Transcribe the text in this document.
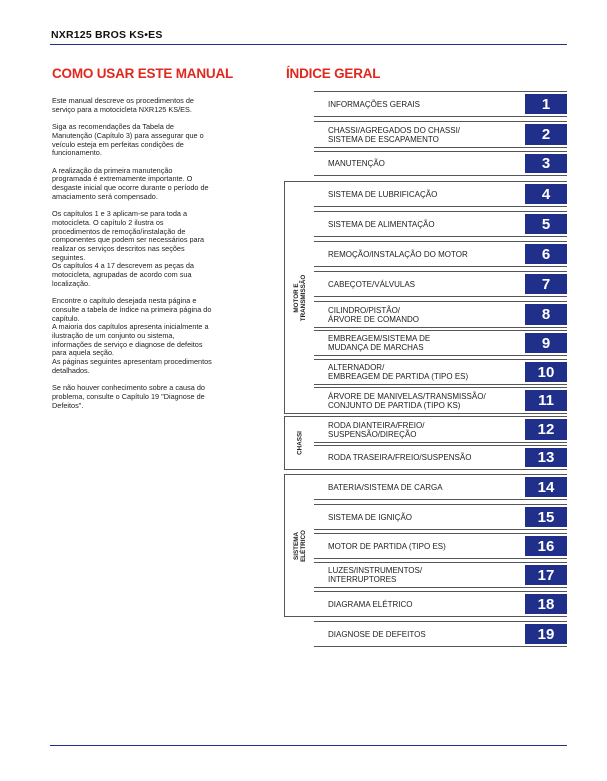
NXR125 BROS KS•ES
COMO USAR ESTE MANUAL

Este manual descreve os procedimentos de
serviço para a motocicleta NXR125 KS/ES.

Siga as recomendações da Tabela de
Manutenção (Capítulo 3) para assegurar que o
veículo esteja em perfeitas condições de
funcionamento.

A realização da primeira manutenção
programada é extremamente importante. O
desgaste inicial que ocorre durante o período de
amaciamento será compensado.

Os capítulos 1 e 3 aplicam-se para toda a
motocicleta. O capítulo 2 ilustra os
procedimentos de remoção/instalação de
componentes que podem ser necessários para
realizar os serviços descritos nas seções
seguintes.
Os capítulos 4 a 17 descrevem as peças da
motocicleta, agrupadas de acordo com sua
localização.

Encontre o capítulo desejada nesta página e
consulte a tabela de índice na primeira página do
capítulo.
A maioria dos capítulos apresenta inicialmente a
ilustração de um conjunto ou sistema,
informações de serviço e diagnose de defeitos
para aquela seção.
As páginas seguintes apresentam procedimentos
detalhados.

Se não houver conhecimento sobre a causa do
problema, consulte o Capítulo 19 "Diagnose de
Defeitos".

ÍNDICE GERAL
MOTOR E TRANSMISSÃO
CHASSI
SISTEMA
ELÉTRICO
INFORMAÇÕES GERAIS	1
CHASSI/AGREGADOS DO CHASSI/
SISTEMA DE ESCAPAMENTO	2
MANUTENÇÃO	3
SISTEMA DE LUBRIFICAÇÃO	4
SISTEMA DE ALIMENTAÇÃO	5
REMOÇÃO/INSTALAÇÃO DO MOTOR	6
CABEÇOTE/VÁLVULAS	7
CILINDRO/PISTÃO/
ÁRVORE DE COMANDO	8
EMBREAGEM/SISTEMA DE
MUDANÇA DE MARCHAS	9
ALTERNADOR/
EMBREAGEM DE PARTIDA (TIPO ES)	10
ÁRVORE DE MANIVELAS/TRANSMISSÃO/
CONJUNTO DE PARTIDA (TIPO KS)	11
RODA DIANTEIRA/FREIO/
SUSPENSÃO/DIREÇÃO	12
RODA TRASEIRA/FREIO/SUSPENSÃO	13
BATERIA/SISTEMA DE CARGA	14
SISTEMA DE IGNIÇÃO	15
MOTOR DE PARTIDA (TIPO ES)	16
LUZES/INSTRUMENTOS/
INTERRUPTORES	17
DIAGRAMA ELÉTRICO	18
DIAGNOSE DE DEFEITOS	19
